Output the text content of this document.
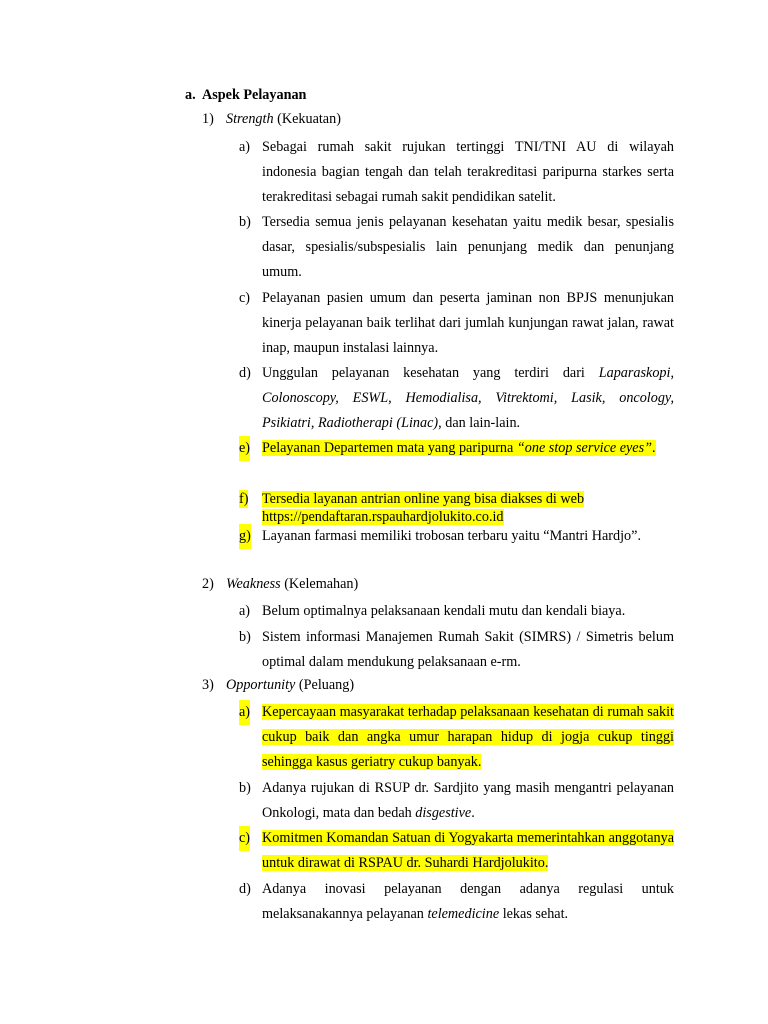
a. Aspek Pelayanan
1) Strength (Kekuatan)
a) Sebagai rumah sakit rujukan tertinggi TNI/TNI AU di wilayah indonesia bagian tengah dan telah terakreditasi paripurna starkes serta terakreditasi sebagai rumah sakit pendidikan satelit.
b) Tersedia semua jenis pelayanan kesehatan yaitu medik besar, spesialis dasar, spesialis/subspesialis lain penunjang medik dan penunjang umum.
c) Pelayanan pasien umum dan peserta jaminan non BPJS menunjukan kinerja pelayanan baik terlihat dari jumlah kunjungan rawat jalan, rawat inap, maupun instalasi lainnya.
d) Unggulan pelayanan kesehatan yang terdiri dari Laparaskopi, Colonoscopy, ESWL, Hemodialisa, Vitrektomi, Lasik, oncology, Psikiatri, Radiotherapi (Linac), dan lain-lain.
e) Pelayanan Departemen mata yang paripurna “one stop service eyes”.
f) Tersedia layanan antrian online yang bisa diakses di web
https://pendaftaran.rspauhardjolukito.co.id
g) Layanan farmasi memiliki trobosan terbaru yaitu “Mantri Hardjo”.
2) Weakness (Kelemahan)
a) Belum optimalnya pelaksanaan kendali mutu dan kendali biaya.
b) Sistem informasi Manajemen Rumah Sakit (SIMRS) / Simetris belum optimal dalam mendukung pelaksanaan e-rm.
3) Opportunity (Peluang)
a) Kepercayaan masyarakat terhadap pelaksanaan kesehatan di rumah sakit cukup baik dan angka umur harapan hidup di jogja cukup tinggi sehingga kasus geriatry cukup banyak.
b) Adanya rujukan di RSUP dr. Sardjito yang masih mengantri pelayanan Onkologi, mata dan bedah disgestive.
c) Komitmen Komandan Satuan di Yogyakarta memerintahkan anggotanya untuk dirawat di RSPAU dr. Suhardi Hardjolukito.
d) Adanya inovasi pelayanan dengan adanya regulasi untuk melaksanakannya pelayanan telemedicine lekas sehat.
